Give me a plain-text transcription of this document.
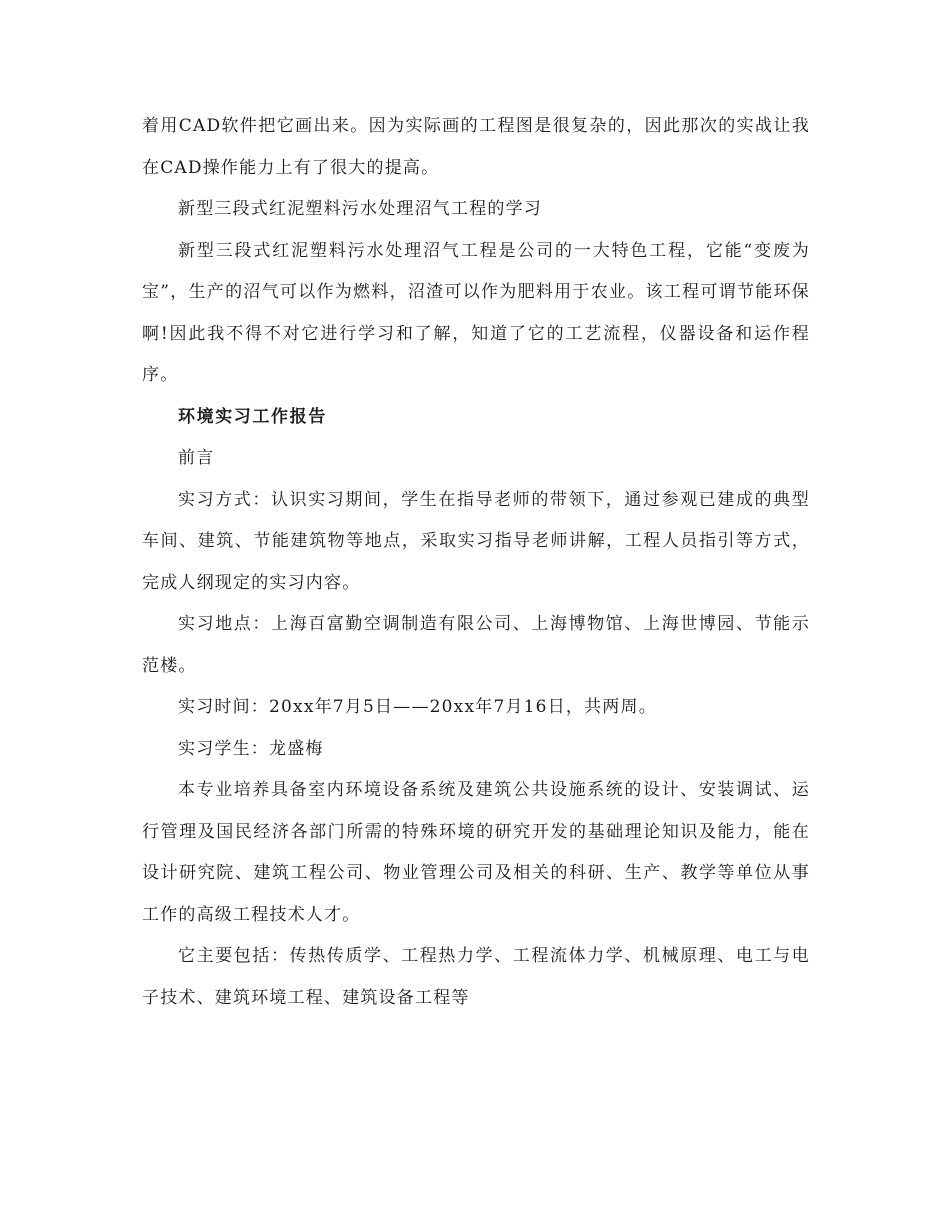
着用CAD软件把它画出来。因为实际画的工程图是很复杂的，因此那次的实战让我在CAD操作能力上有了很大的提高。

新型三段式红泥塑料污水处理沼气工程的学习

新型三段式红泥塑料污水处理沼气工程是公司的一大特色工程，它能“变废为宝”，生产的沼气可以作为燃料，沼渣可以作为肥料用于农业。该工程可谓节能环保啊!因此我不得不对它进行学习和了解，知道了它的工艺流程，仪器设备和运作程序。

环境实习工作报告

前言

实习方式：认识实习期间，学生在指导老师的带领下，通过参观已建成的典型车间、建筑、节能建筑物等地点，采取实习指导老师讲解，工程人员指引等方式，完成人纲现定的实习内容。

实习地点：上海百富勤空调制造有限公司、上海博物馆、上海世博园、节能示范楼。

实习时间：20xx年7月5日——20xx年7月16日，共两周。

实习学生：龙盛梅

本专业培养具备室内环境设备系统及建筑公共设施系统的设计、安装调试、运行管理及国民经济各部门所需的特殊环境的研究开发的基础理论知识及能力，能在设计研究院、建筑工程公司、物业管理公司及相关的科研、生产、教学等单位从事工作的高级工程技术人才。

它主要包括：传热传质学、工程热力学、工程流体力学、机械原理、电工与电子技术、建筑环境工程、建筑设备工程等
